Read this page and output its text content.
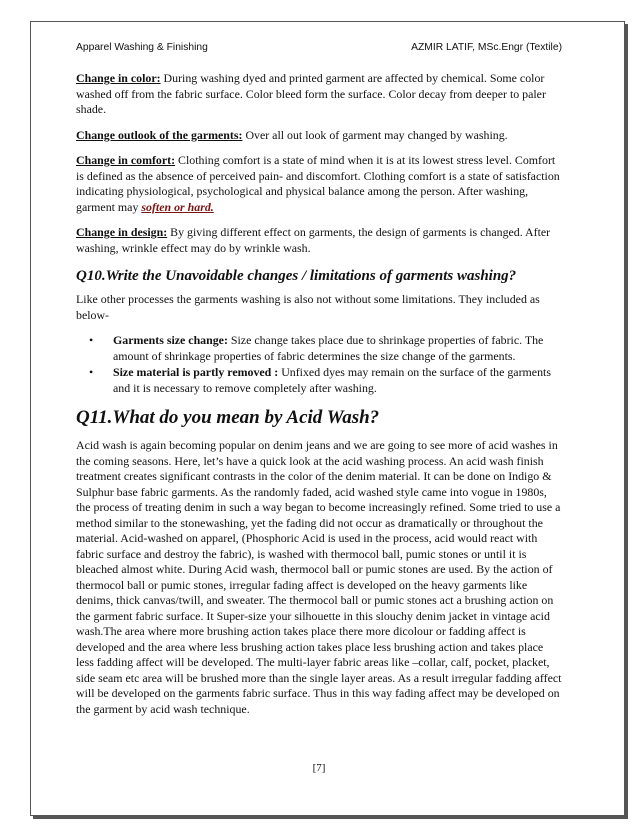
Apparel Washing & Finishing	AZMIR LATIF, MSc.Engr (Textile)

Change in color: During washing dyed and printed garment are affected by chemical. Some color washed off from the fabric surface. Color bleed form the surface. Color decay from deeper to paler shade.

Change outlook of the garments: Over all out look of garment may changed by washing.

Change in comfort: Clothing comfort is a state of mind when it is at its lowest stress level. Comfort is defined as the absence of perceived pain- and discomfort. Clothing comfort is a state of satisfaction indicating physiological, psychological and physical balance among the person. After washing, garment may soften or hard.

Change in design: By giving different effect on garments, the design of garments is changed. After washing, wrinkle effect may do by wrinkle wash.

Q10.Write the Unavoidable changes / limitations of garments washing?

Like other processes the garments washing is also not without some limitations. They included as below-

• Garments size change: Size change takes place due to shrinkage properties of fabric. The amount of shrinkage properties of fabric determines the size change of the garments.
• Size material is partly removed : Unfixed dyes may remain on the surface of the garments and it is necessary to remove completely after washing.
Q11.What do you mean by Acid Wash?

Acid wash is again becoming popular on denim jeans and we are going to see more of acid washes in the coming seasons. Here, let’s have a quick look at the acid washing process. An acid wash finish treatment creates significant contrasts in the color of the denim material. It can be done on Indigo & Sulphur base fabric garments. As the randomly faded, acid washed style came into vogue in 1980s, the process of treating denim in such a way began to become increasingly refined. Some tried to use a method similar to the stonewashing, yet the fading did not occur as dramatically or throughout the material. Acid-washed on apparel, (Phosphoric Acid is used in the process, acid would react with fabric surface and destroy the fabric), is washed with thermocol ball, pumic stones or until it is bleached almost white. During Acid wash, thermocol ball or pumic stones are used. By the action of thermocol ball or pumic stones, irregular fading affect is developed on the heavy garments like denims, thick canvas/twill, and sweater. The thermocol ball or pumic stones act a brushing action on the garment fabric surface. It Super-size your silhouette in this slouchy denim jacket in vintage acid wash.The area where more brushing action takes place there more dicolour or fadding affect is developed and the area where less brushing action takes place less brushing action and takes place less fadding affect will be developed. The multi-layer fabric areas like –collar, calf, pocket, placket, side seam etc area will be brushed more than the single layer areas. As a result irregular fadding affect will be developed on the garments fabric surface. Thus in this way fading affect may be developed on the garment by acid wash technique.

[7]
